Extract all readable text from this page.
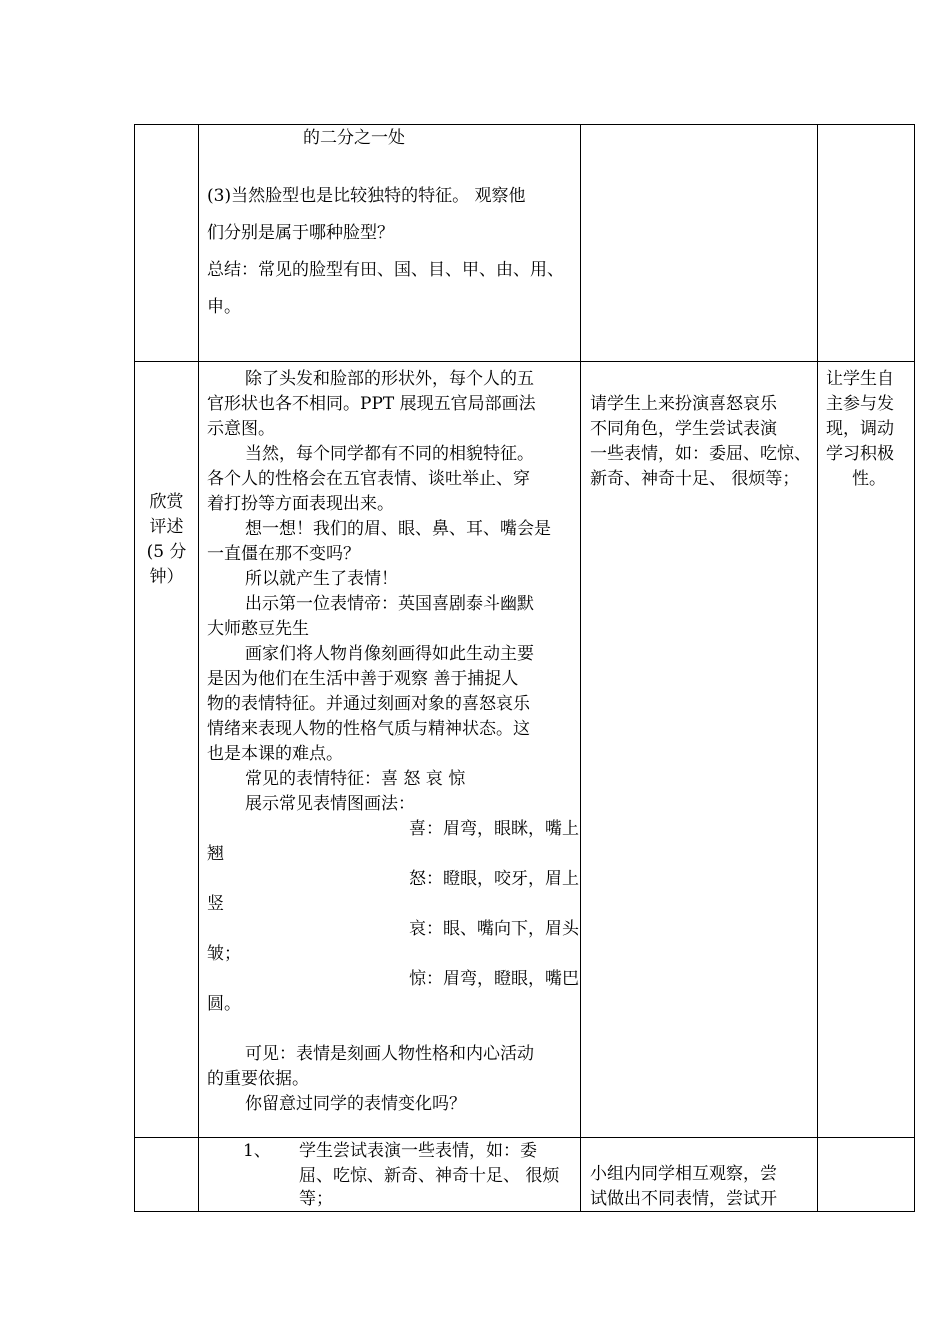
的二分之一处

(3)当然脸型也是比较独特的特征。 观察他

们分别是属于哪种脸型？

总结：常见的脸型有田、国、目、甲、由、用、

申。

欣赏

评述

(5 分

钟）

除了头发和脸部的形状外，每个人的五

官形状也各不相同。PPT 展现五官局部画法

示意图。

当然，每个同学都有不同的相貌特征。

各个人的性格会在五官表情、谈吐举止、穿

着打扮等方面表现出来。

想一想！我们的眉、眼、鼻、耳、嘴会是

一直僵在那不变吗？

所以就产生了表情！

出示第一位表情帝：英国喜剧泰斗幽默

大师憨豆先生

画家们将人物肖像刻画得如此生动主要

是因为他们在生活中善于观察 善于捕捉人

物的表情特征。并通过刻画对象的喜怒哀乐

情绪来表现人物的性格气质与精神状态。这

也是本课的难点。

常见的表情特征：喜 怒 哀 惊

展示常见表情图画法：

喜：眉弯，眼眯，嘴上

翘

怒：瞪眼，咬牙，眉上

竖

哀：眼、嘴向下，眉头

皱；

惊：眉弯，瞪眼，嘴巴

圆。

可见：表情是刻画人物性格和内心活动

的重要依据。

你留意过同学的表情变化吗？

请学生上来扮演喜怒哀乐

不同角色，学生尝试表演

一些表情，如：委屈、吃惊、

新奇、神奇十足、 很烦等；

让学生自

主参与发

现，调动

学习积极

性。

1、 学生尝试表演一些表情，如：委

屈、吃惊、新奇、神奇十足、 很烦

等；

小组内同学相互观察，尝

试做出不同表情，尝试开
